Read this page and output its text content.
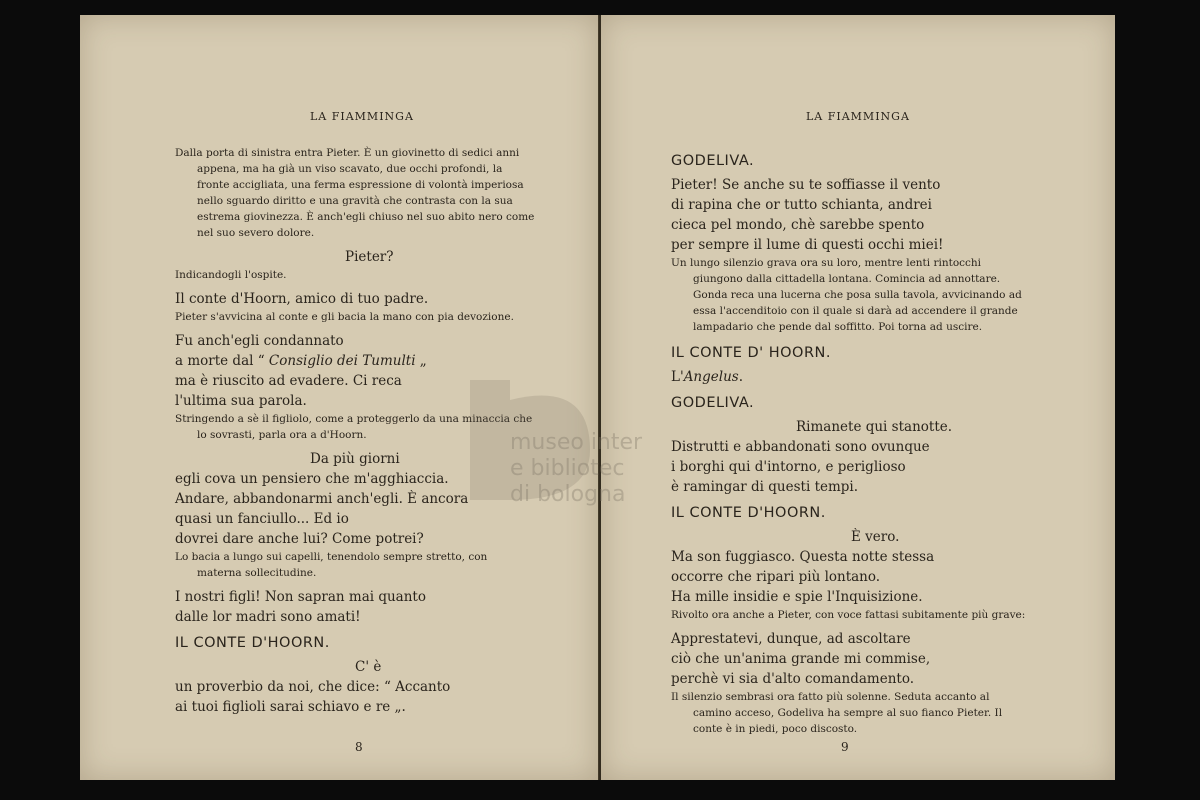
LA FIAMMINGA
Dalla porta di sinistra entra Pieter. È un giovinetto di sedici anni appena, ma ha già un viso scavato, due occhi profondi, la fronte accigliata, una ferma espressione di volontà imperiosa nello sguardo diritto e una gravità che contrasta con la sua estrema giovinezza. È anch'egli chiuso nel suo abito nero come nel suo severo dolore.
Pieter?
Indicandogli l'ospite.
Il conte d'Hoorn, amico di tuo padre.
Pieter s'avvicina al conte e gli bacia la mano con pia devozione.
Fu anch'egli condannato
a morte dal “ Consiglio dei Tumulti „
ma è riuscito ad evadere. Ci reca
l'ultima sua parola.
Stringendo a sè il figliolo, come a proteggerlo da una minaccia che lo sovrasti, parla ora a d'Hoorn.
Da più giorni
egli cova un pensiero che m'agghiaccia.
Andare, abbandonarmi anch'egli. È ancora
quasi un fanciullo... Ed io
dovrei dare anche lui? Come potrei?
Lo bacia a lungo sui capelli, tenendolo sempre stretto, con materna sollecitudine.
I nostri figli! Non sapran mai quanto
dalle lor madri sono amati!
IL CONTE D'HOORN.
C' è
un proverbio da noi, che dice: “ Accanto
ai tuoi figlioli sarai schiavo e re „.
8
LA FIAMMINGA
GODELIVA.
Pieter! Se anche su te soffiasse il vento
di rapina che or tutto schianta, andrei
cieca pel mondo, chè sarebbe spento
per sempre il lume di questi occhi miei!
Un lungo silenzio grava ora su loro, mentre lenti rintocchi giungono dalla cittadella lontana. Comincia ad annottare. Gonda reca una lucerna che posa sulla tavola, avvicinando ad essa l'accenditoio con il quale si darà ad accendere il grande lampadario che pende dal soffitto. Poi torna ad uscire.
IL CONTE D' HOORN.
L'Angelus.
GODELIVA.
Rimanete qui stanotte.
Distrutti e abbandonati sono ovunque
i borghi qui d'intorno, e periglioso
è ramingar di questi tempi.
IL CONTE D'HOORN.
È vero.
Ma son fuggiasco. Questa notte stessa
occorre che ripari più lontano.
Ha mille insidie e spie l'Inquisizione.
Rivolto ora anche a Pieter, con voce fattasi subitamente più grave:
Apprestatevi, dunque, ad ascoltare
ciò che un'anima grande mi commise,
perchè vi sia d'alto comandamento.
Il silenzio sembrasi ora fatto più solenne. Seduta accanto al camino acceso, Godeliva ha sempre al suo fianco Pieter. Il conte è in piedi, poco discosto.
9
museo inter
e bibliotec
di bologna
